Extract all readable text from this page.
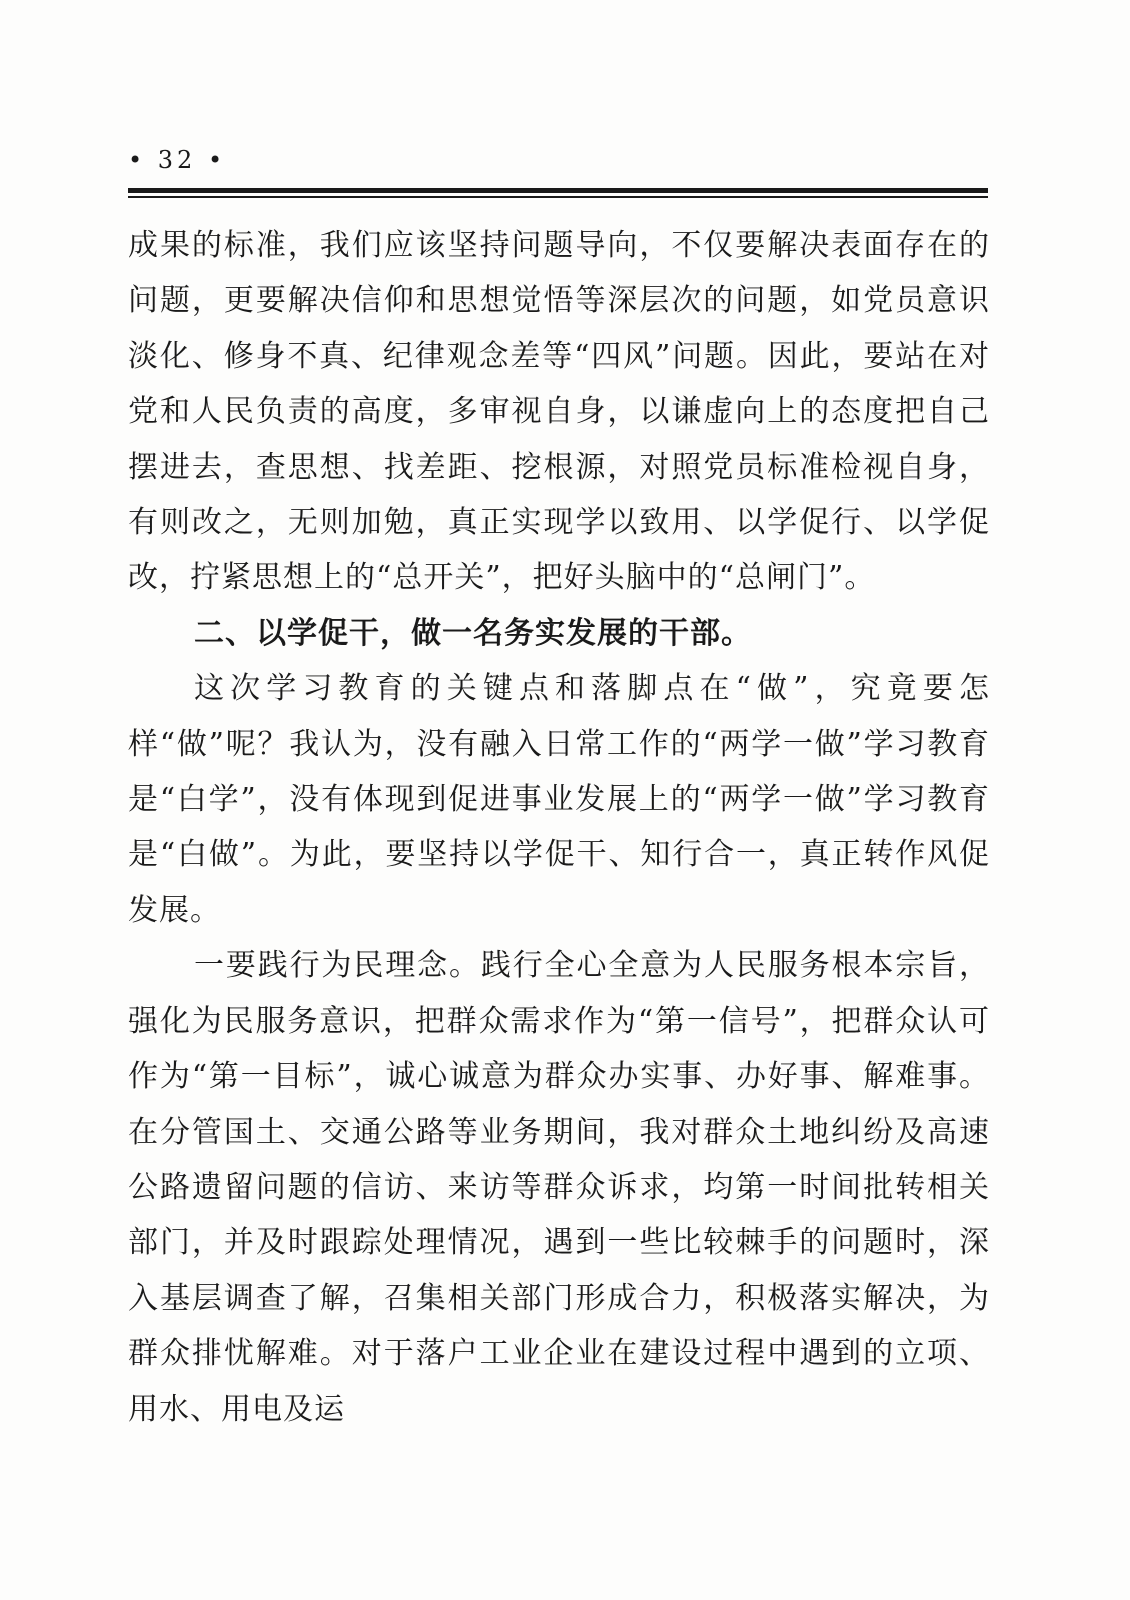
• 32 •

成果的标准，我们应该坚持问题导向，不仅要解决表面存在的问题，更要解决信仰和思想觉悟等深层次的问题，如党员意识淡化、修身不真、纪律观念差等“四风”问题。因此，要站在对党和人民负责的高度，多审视自身，以谦虚向上的态度把自己摆进去，查思想、找差距、挖根源，对照党员标准检视自身，有则改之，无则加勉，真正实现学以致用、以学促行、以学促改，拧紧思想上的“总开关”，把好头脑中的“总闸门”。

二、以学促干，做一名务实发展的干部。

这次学习教育的关键点和落脚点在“做”，究竟要怎样“做”呢？我认为，没有融入日常工作的“两学一做”学习教育是“白学”，没有体现到促进事业发展上的“两学一做”学习教育是“白做”。为此，要坚持以学促干、知行合一，真正转作风促发展。

一要践行为民理念。践行全心全意为人民服务根本宗旨，强化为民服务意识，把群众需求作为“第一信号”，把群众认可作为“第一目标”，诚心诚意为群众办实事、办好事、解难事。在分管国土、交通公路等业务期间，我对群众土地纠纷及高速公路遗留问题的信访、来访等群众诉求，均第一时间批转相关部门，并及时跟踪处理情况，遇到一些比较棘手的问题时，深入基层调查了解，召集相关部门形成合力，积极落实解决，为群众排忧解难。对于落户工业企业在建设过程中遇到的立项、用水、用电及运
